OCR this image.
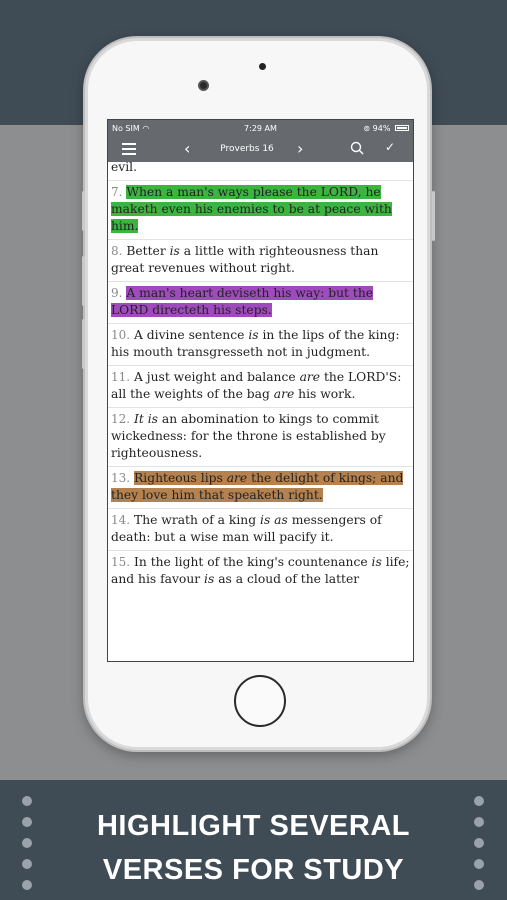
No SIM ◠	7:29 AM	⊚ 94%
‹	Proverbs 16	›	✓
evil.
7. When a man's ways please the LORD, he maketh even his enemies to be at peace with him.
8. Better is a little with righteousness than great revenues without right.
9. A man's heart deviseth his way: but the LORD directeth his steps.
10. A divine sentence is in the lips of the king: his mouth transgresseth not in judgment.
11. A just weight and balance are the LORD'S: all the weights of the bag are his work.
12. It is an abomination to kings to commit wickedness: for the throne is established by righteousness.
13. Righteous lips are the delight of kings; and they love him that speaketh right.
14. The wrath of a king is as messengers of death: but a wise man will pacify it.
15. In the light of the king's countenance is life; and his favour is as a cloud of the latter
HIGHLIGHT SEVERAL
VERSES FOR STUDY
